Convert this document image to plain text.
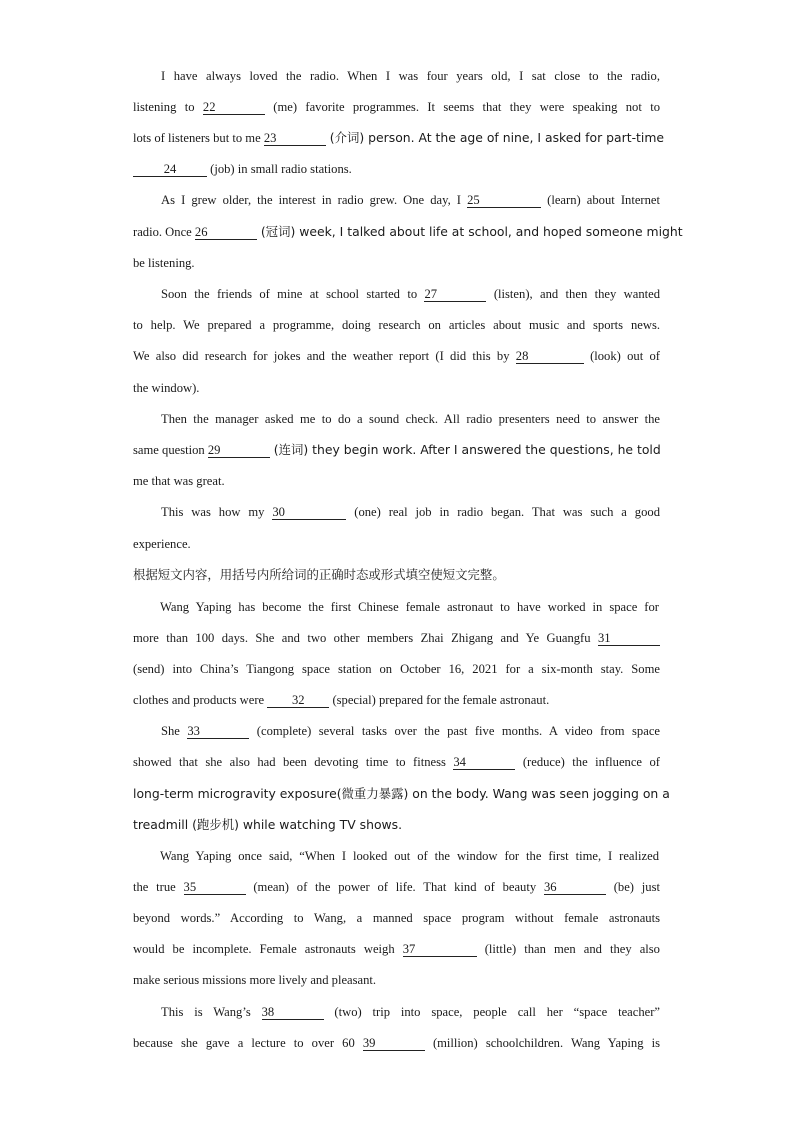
I have always loved the radio. When I was four years old, I sat close to the radio,
listening to 22	(me) favorite programmes. It seems that they were speaking not to
lots of listeners but to me 23	(介词) person. At the age of nine, I asked for part-time
24 (job) in small radio stations.
As I grew older, the interest in radio grew. One day, I 25	(learn) about Internet
radio. Once 26	(冠词) week, I talked about life at school, and hoped someone might
be listening.
Soon the friends of mine at school started to 27	(listen), and then they wanted
to help. We prepared a programme, doing research on articles about music and sports news.
We also did research for jokes and the weather report (I did this by 28	(look) out of
the window).
Then the manager asked me to do a sound check. All radio presenters need to answer the
same question 29	(连词) they begin work. After I answered the questions, he told
me that was great.
This was how my 30	(one) real job in radio began. That was such a good
experience.
根据短文内容，用括号内所给词的正确时态或形式填空使短文完整。
Wang Yaping has become the first Chinese female astronaut to have worked in space for
more than 100 days. She and two other members Zhai Zhigang and Ye Guangfu 31
(send) into China’s Tiangong space station on October 16, 2021 for a six-month stay. Some
clothes and products were 32 (special) prepared for the female astronaut.
She 33	(complete) several tasks over the past five months. A video from space
showed that she also had been devoting time to fitness 34	(reduce) the influence of
long-term microgravity exposure(微重力暴露) on the body. Wang was seen jogging on a
treadmill (跑步机) while watching TV shows.
Wang Yaping once said, “When I looked out of the window for the first time, I realized
the true 35	(mean) of the power of life. That kind of beauty 36	(be) just
beyond words.” According to Wang, a manned space program without female astronauts
would be incomplete. Female astronauts weigh 37	(little) than men and they also
make serious missions more lively and pleasant.
This is Wang’s 38	(two) trip into space, people call her “space teacher”
because she gave a lecture to over 60 39	(million) schoolchildren. Wang Yaping is
